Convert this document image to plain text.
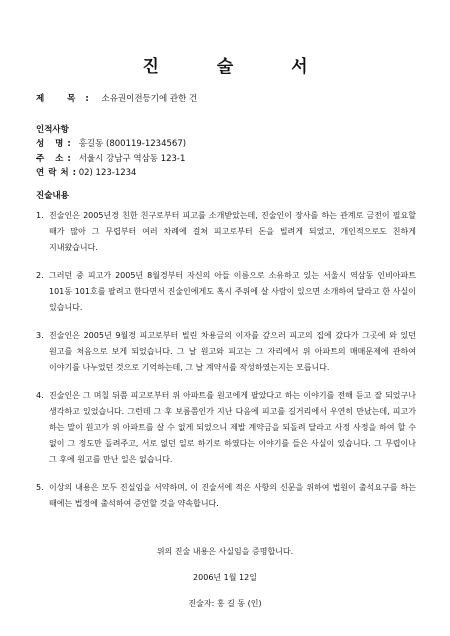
진 술 서
제 목: 소유권이전등기에 관한 건
인적사항
성 명: 홍길동 (800119-1234567)
주 소: 서울시 강남구 역삼동 123-1
연락처: 02) 123-1234
진술내용
1. 진술인은 2005년경 친한 친구로부터 피고를 소개받았는데, 진술인이 장사를 하는 관계로 금전이 필요할 때가 많아 그 무렵부터 여러 차례에 걸쳐 피고로부터 돈을 빌려게 되었고, 개인적으로도 친하게 지내왔습니다.
2. 그러던 중 피고가 2005년 8월경부터 자신의 아들 이름으로 소유하고 있는 서울시 역삼동 인비아파트 101동 101호를 팔려고 한다면서 진술인에게도 혹시 주위에 살 사람이 있으면 소개하여 달라고 한 사실이 있습니다.
3. 진술인은 2005년 9월경 피고로부터 빌린 차용금의 이자를 갚으러 피고의 집에 갔다가 그곳에 와 있던 원고를 처음으로 보게 되었습니다. 그 날 원고와 피고는 그 자리에서 위 아파트의 매매문제에 관하여 이야기를 나누었던 것으로 기억하는데, 그 날 계약서를 작성하였는지는 모릅니다.
4. 진술인은 그 며칠 뒤쯤 피고로부터 위 아파트를 원고에게 팔았다고 하는 이야기를 전해 듣고 잘 되었구나 생각하고 있었습니다. 그런데 그 후 보름쯤인가 지난 다음에 피고를 길거리에서 우연히 만났는데, 피고가 하는 말이 원고가 위 아파트를 살 수 없게 되었으니 제발 계약금을 되돌려 달라고 사정 사정을 하여 할 수 없이 그 정도만 돌려주고, 서로 없던 일로 하기로 하였다는 이야기를 들은 사실이 있습니다. 그 무렵이나 그 후에 원고를 만난 일은 없습니다.
5. 이상의 내용은 모두 진실임을 서약하며, 이 진술서에 적은 사항의 신문을 위하여 법원이 출석요구를 하는 때에는 법정에 출석하여 증언할 것을 약속합니다.
위의 진술 내용은 사실임을 증명합니다.
2006년 1월 12일
진술자: 홍 길 동 (인)
